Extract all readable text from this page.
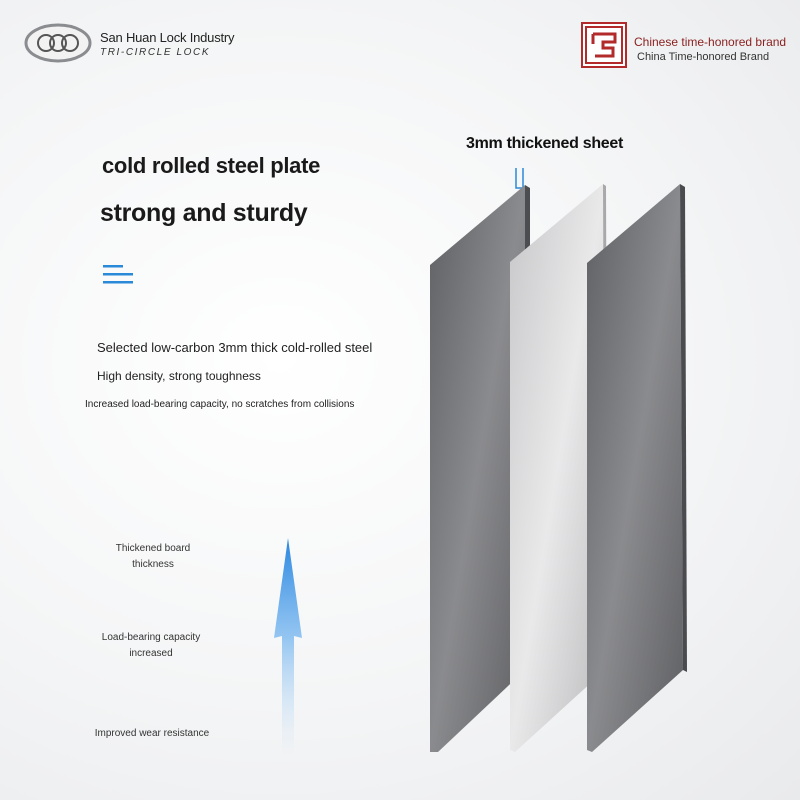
San Huan Lock Industry
TRI-CIRCLE LOCK
Chinese time-honored brand
China Time-honored Brand
cold rolled steel plate
strong and sturdy
Selected low-carbon 3mm thick cold-rolled steel
High density, strong toughness
Increased load-bearing capacity, no scratches from collisions
Thickened board
thickness
Load-bearing capacity
increased
Improved wear resistance
3mm thickened sheet
